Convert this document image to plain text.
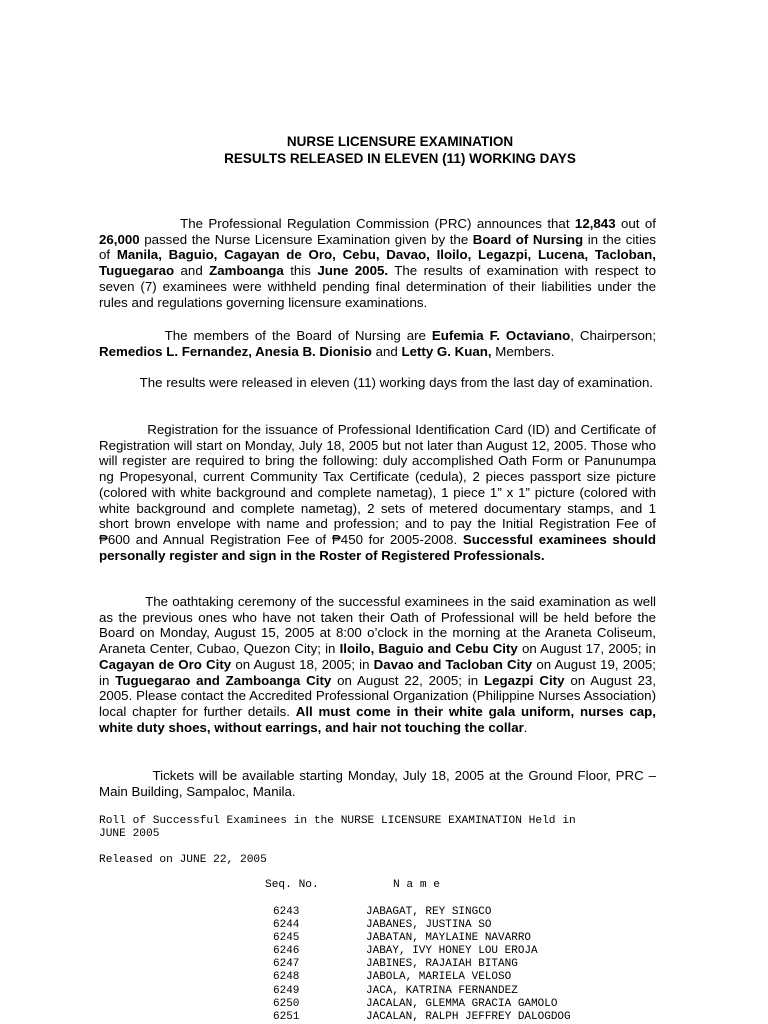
NURSE LICENSURE EXAMINATION
RESULTS RELEASED IN ELEVEN (11) WORKING DAYS
The Professional Regulation Commission (PRC) announces that 12,843 out of 26,000 passed the Nurse Licensure Examination given by the Board of Nursing in the cities of Manila, Baguio, Cagayan de Oro, Cebu, Davao, Iloilo, Legazpi, Lucena, Tacloban, Tuguegarao and Zamboanga this June 2005. The results of examination with respect to seven (7) examinees were withheld pending final determination of their liabilities under the rules and regulations governing licensure examinations.
The members of the Board of Nursing are Eufemia F. Octaviano, Chairperson; Remedios L. Fernandez, Anesia B. Dionisio and Letty G. Kuan, Members.
The results were released in eleven (11) working days from the last day of examination.
Registration for the issuance of Professional Identification Card (ID) and Certificate of Registration will start on Monday, July 18, 2005 but not later than August 12, 2005. Those who will register are required to bring the following: duly accomplished Oath Form or Panunumpa ng Propesyonal, current Community Tax Certificate (cedula), 2 pieces passport size picture (colored with white background and complete nametag), 1 piece 1” x 1” picture (colored with white background and complete nametag), 2 sets of metered documentary stamps, and 1 short brown envelope with name and profession; and to pay the Initial Registration Fee of ₱600 and Annual Registration Fee of ₱450 for 2005-2008. Successful examinees should personally register and sign in the Roster of Registered Professionals.
The oathtaking ceremony of the successful examinees in the said examination as well as the previous ones who have not taken their Oath of Professional will be held before the Board on Monday, August 15, 2005 at 8:00 o’clock in the morning at the Araneta Coliseum, Araneta Center, Cubao, Quezon City; in Iloilo, Baguio and Cebu City on August 17, 2005; in Cagayan de Oro City on August 18, 2005; in Davao and Tacloban City on August 19, 2005; in Tuguegarao and Zamboanga City on August 22, 2005; in Legazpi City on August 23, 2005. Please contact the Accredited Professional Organization (Philippine Nurses Association) local chapter for further details. All must come in their white gala uniform, nurses cap, white duty shoes, without earrings, and hair not touching the collar.
Tickets will be available starting Monday, July 18, 2005 at the Ground Floor, PRC – Main Building, Sampaloc, Manila.
Roll of Successful Examinees in the NURSE LICENSURE EXAMINATION Held in
JUNE 2005
Released on JUNE 22, 2005
Seq. No.	N a m e
6243	JABAGAT, REY SINGCO
6244	JABANES, JUSTINA SO
6245	JABATAN, MAYLAINE NAVARRO
6246	JABAY, IVY HONEY LOU EROJA
6247	JABINES, RAJAIAH BITANG
6248	JABOLA, MARIELA VELOSO
6249	JACA, KATRINA FERNANDEZ
6250	JACALAN, GLEMMA GRACIA GAMOLO
6251	JACALAN, RALPH JEFFREY DALOGDOG
